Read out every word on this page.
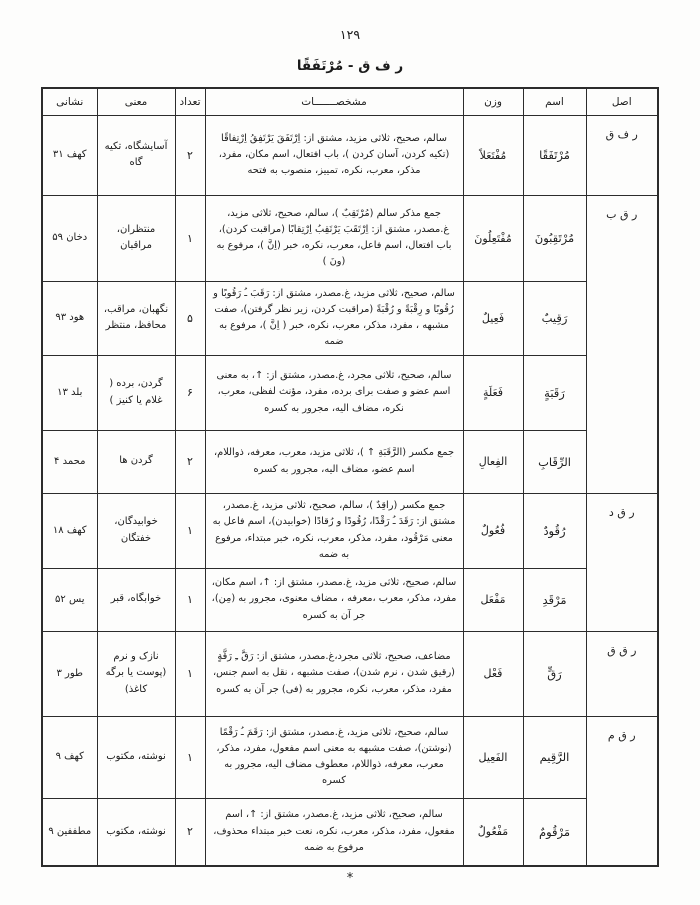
۱۲۹
ر ف ق - مُرْتَفَقًا
اصل	اسم	وزن	مشخصـــــــات	تعداد	معنی	نشانی
ر ف ق	مُرْتَفَقًا	مُفْتَعَلاً	سالم، صحیح، ثلاثی مزید، مشتق از: اِرْتَفَقَ يَرْتَفِقُ اِرْتِفاقًا (تکیه کردن، آسان کردن )، باب افتعال، اسم مکان، مفرد، مذکر، معرب، نکره، تمییز، منصوب به فتحه	۲	آسایشگاه، تکیه گاه	کهف ۳۱
ر ق ب	مُرْتَقِبُونَ	مُفْتَعِلُونَ	جمع مذکر سالم (مُرْتَقِبٌ )، سالم، صحیح، ثلاثی مزید، غ.مصدر، مشتق از: اِرْتَقَبَ يَرْتَقِبُ اِرْتِقابًا (مراقبت کردن)، باب افتعال، اسم فاعل، معرب، نکره، خبر (اِنَّ )، مرفوع به (ونَ )	۱	منتظران، مراقبان	دخان ۵۹
	رَقِيبٌ	فَعِيلٌ	سالم، صحیح، ثلاثی مزید، غ.مصدر، مشتق از: رَقَبَ ـُ رَقُوبًا و رُقُوبًا و رِقْبَةً و رُقْبَةً (مراقبت کردن، زیر نظر گرفتن)، صفت مشبهه ، مفرد، مذکر، معرب، نکره، خبر ( اِنَّ )، مرفوع به ضمه	۵	نگهبان، مراقب، محافظ، منتظر	هود ۹۳
	رَقَبَةٍ	فَعَلَةٍ	سالم، صحیح، ثلاثی مجرد، غ.مصدر، مشتق از: ↑، به معنی اسم عضو و صفت برای برده، مفرد، مؤنث لفظی، معرب، نکره، مضاف الیه، مجرور به کسره	۶	گردن، برده ( غلام یا کنیز )	بلد ۱۳
	الرِّقَابِ	الفِعالِ	جمع مکسر (الرَّقَبَةِ ↑ )، ثلاثی مزید، معرب، معرفه، ذواللام، اسم عضو، مضاف الیه، مجرور به کسره	۲	گردن ها	محمد ۴
ر ق د	رُقُودٌ	فُعُولٌ	جمع مکسر (راقِدٌ )، سالم، صحیح، ثلاثی مزید، غ.مصدر، مشتق از: رَقَدَ ـُ رَقْدًا، رُقُودًا و رُقادًا (خوابیدن)، اسم فاعل به معنی مَرْقُود، مفرد، مذکر، معرب، نکره، خبر مبتداء، مرفوع به ضمه	۱	خوابیدگان، خفتگان	کهف ۱۸
	مَرْقَدِ	مَفْعَل	سالم، صحیح، ثلاثی مزید، غ.مصدر، مشتق از: ↑، اسم مکان، مفرد، مذکر، معرب ،معرفه ، مضاف معنوی، مجرور به (مِن)، جر آن به کسره	۱	خوابگاه، قبر	یس ۵۲
ر ق ق	رَقٍّ	فَعْل	مضاعف، صحیح، ثلاثی مجرد،غ.مصدر، مشتق از: رَقَّ ـِ رَقَّةٍ (رقیق شدن ، نرم شدن)، صفت مشبهه ، نقل به اسم جنس، مفرد، مذکر، معرب، نکره، مجرور به (فی) جر آن به کسره	۱	نازک و نرم (پوست یا برگه کاغذ)	طور ۳
ر ق م	الرَّقِيم	الفَعِيل	سالم، صحیح، ثلاثی مزید، غ.مصدر، مشتق از: رَقَمَ ـُ رَقْمًا (نوشتن)، صفت مشبهه به معنی اسم مفعول، مفرد، مذکر، معرب، معرفه، ذواللام، معطوف مضاف الیه، مجرور به کسره	۱	نوشته، مکتوب	کهف ۹
	مَرْقُومٌ	مَفْعُولٌ	سالم، صحیح، ثلاثی مزید، غ.مصدر، مشتق از: ↑، اسم مفعول، مفرد، مذکر، معرب، نکره، نعت خبر مبتداء محذوف، مرفوع به ضمه	۲	نوشته، مکتوب	مطففین ۹
*
